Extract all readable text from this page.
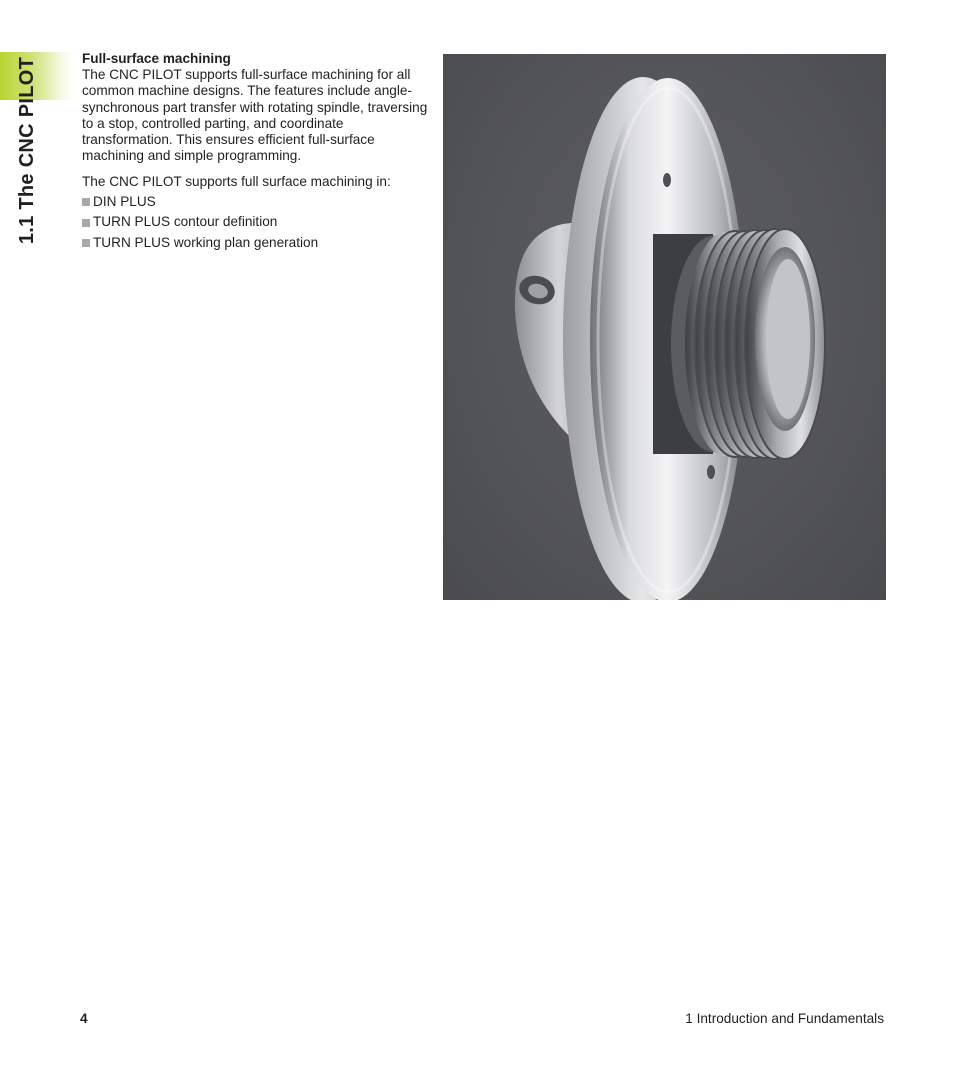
1.1 The CNC PILOT	Full-surface machining

The CNC PILOT supports full-surface machining for all common machine designs. The features include angle-synchronous part transfer with rotating spindle, traversing to a stop, controlled parting, and coordinate transformation. This ensures efficient full-surface machining and simple programming.

The CNC PILOT supports full surface machining in:

DIN PLUS
TURN PLUS contour definition
TURN PLUS working plan generation
4	1 Introduction and Fundamentals
